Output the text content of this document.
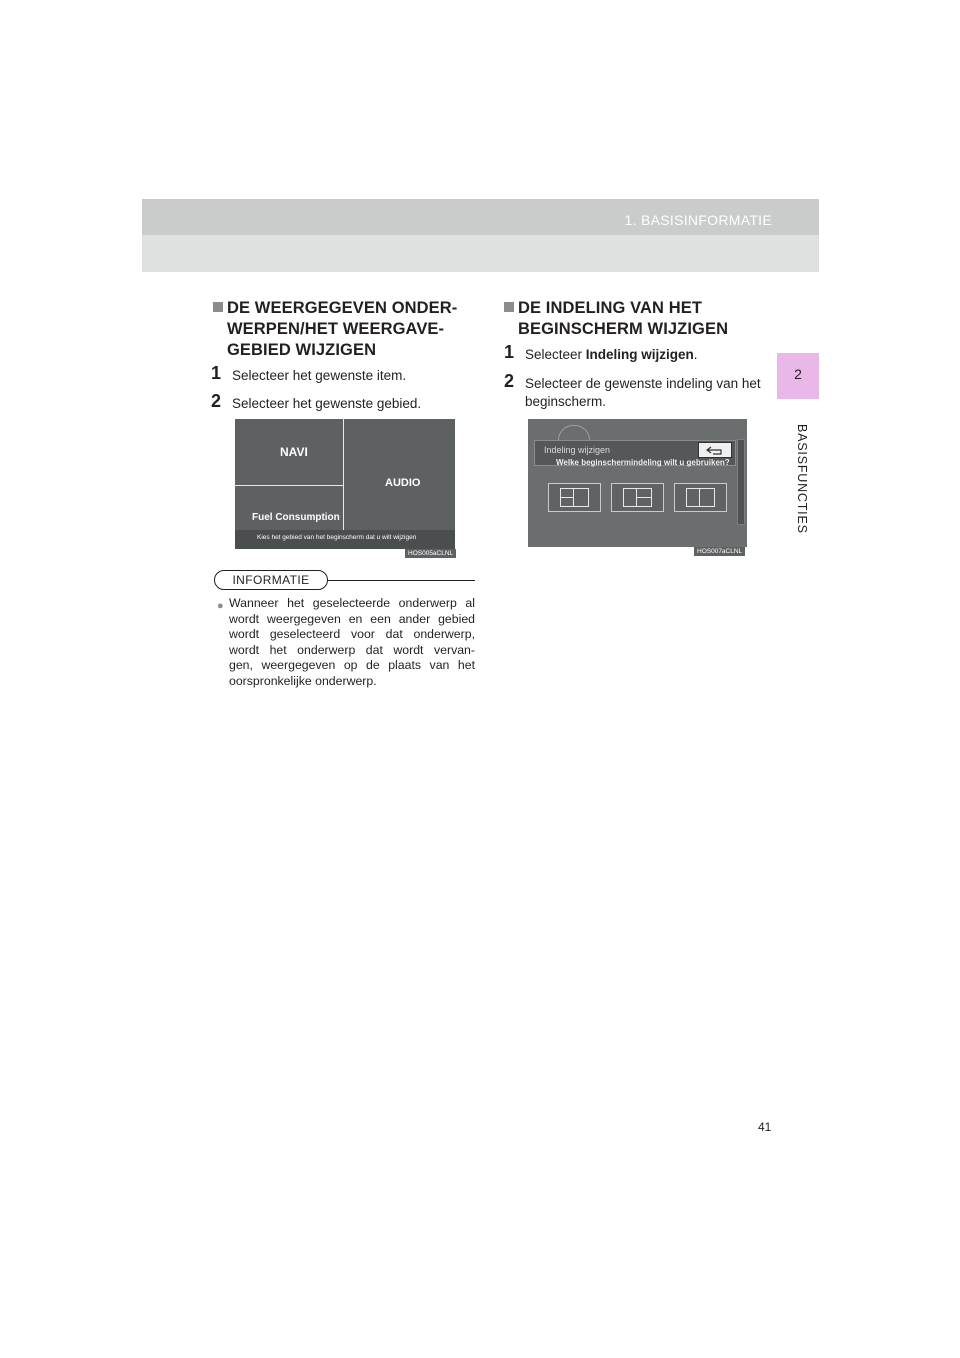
1. BASISINFORMATIE
2
BASISFUNCTIES
DE WEERGEGEVEN ONDER-
WERPEN/HET WEERGAVE-
GEBIED WIJZIGEN
1 Selecteer het gewenste item.
2 Selecteer het gewenste gebied.
NAVI
AUDIO
Fuel Consumption
Kies het gebied van het beginscherm dat u wilt wijzigen
HOS005aCLNL
INFORMATIE
● Wanneer het geselecteerde onderwerp al
wordt weergegeven en een ander gebied
wordt geselecteerd voor dat onderwerp,
wordt het onderwerp dat wordt vervan-
gen, weergegeven op de plaats van het
oorspronkelijke onderwerp.
DE INDELING VAN HET
BEGINSCHERM WIJZIGEN
1 Selecteer Indeling wijzigen.
2 Selecteer de gewenste indeling van het
beginscherm.
Indeling wijzigen
Welke beginschermindeling wilt u gebruiken?
HOS007aCLNL
41
